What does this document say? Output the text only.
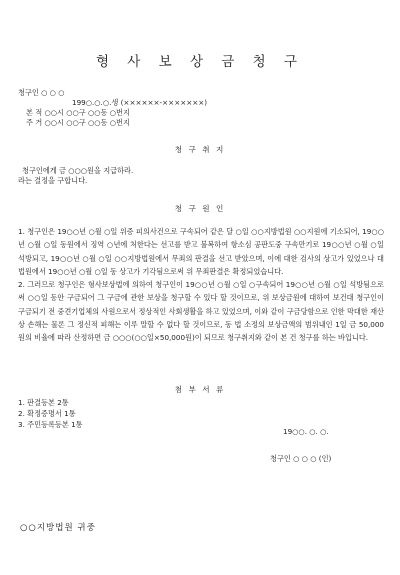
형 사 보 상 금 청 구
청구인 ○ ○ ○
199○.○.○.생 (××××××-×××××××)
본 적 ○○시 ○○구 ○○동 ○번지
주 거 ○○시 ○○구 ○○동 ○번지
청 구 취 지
청구인에게 금 ○○○원을 지급하라.
라는 결정을 구합니다.
청 구 원 인

1. 청구인은 19○○년 ○월 ○일 위증 피의사건으로 구속되어 같은 달 ○일 ○○지방법원 ○○지원에 기소되어, 19○○년 ○월 ○일 동원에서 징역 ○년에 처한다는 선고를 받고 불복하여 항소심 공판도중 구속만기로 19○○년 ○월 ○일 석방되고, 19○○년 ○월 ○일 ○○지방법원에서 무죄의 판결을 선고 받았으며, 이에 대한 검사의 상고가 있었으나 대법원에서 19○○년 ○월 ○일 동 상고가 기각됨으로써 위 무죄판결은 확정되었습니다.

2. 그러므로 청구인은 형사보상법에 의하여 청구인이 19○○년 ○월 ○일 ○구속되어 19○○년 ○월 ○일 석방됨으로써 ○○일 동안 구금되어 그 구금에 관한 보상을 청구할 수 있다 할 것이므로, 위 보상금원에 대하여 보건대 청구인이 구금되기 전 중견기업체의 사원으로서 정상적인 사회생활을 하고 있었으며, 이와 같이 구금당함으로 인한 막대한 재산상 손해는 물론 그 정신적 피해는 이루 말할 수 없다 할 것이므로, 동 법 소정의 보상금액의 범위내인 1일 금 50,000원의 비율에 따라 산정하면 금 ○○○(○○일×50,000원)이 되므로 청구취지와 같이 본 건 청구를 하는 바입니다.

첨 부 서 류
1. 판결등본 2통
2. 확정증명서 1통
3. 주민등록등본 1통
19○○. ○. ○.
청구인 ○ ○ ○ (인)
○○지방법원 귀중
